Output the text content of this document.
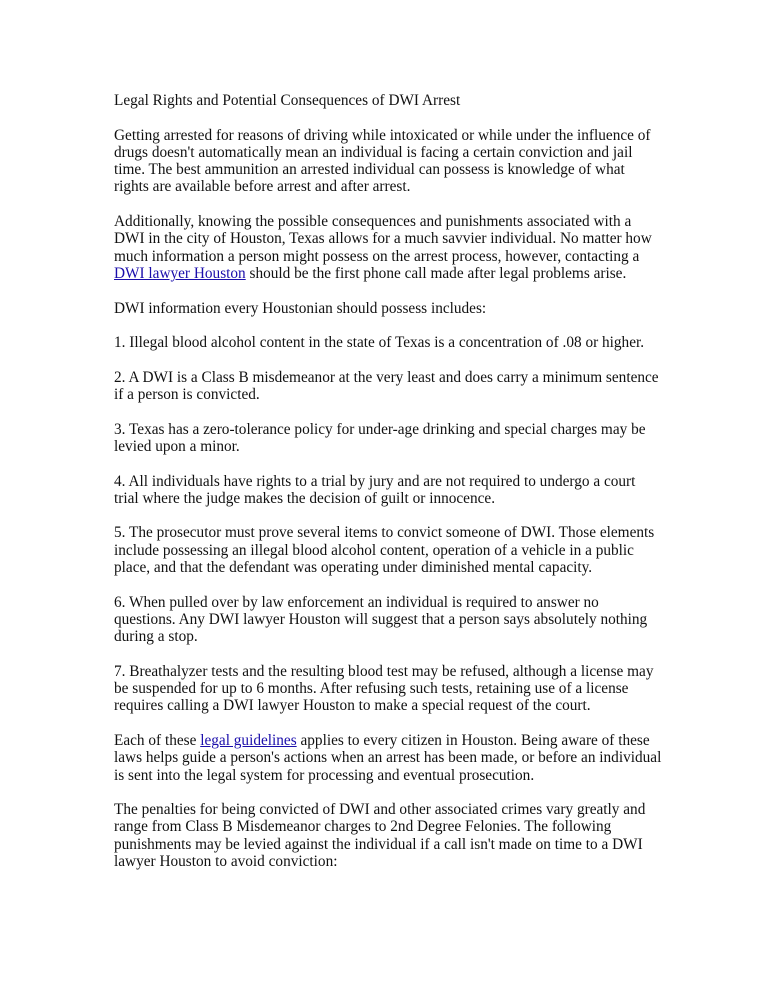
Legal Rights and Potential Consequences of DWI Arrest

Getting arrested for reasons of driving while intoxicated or while under the influence of drugs doesn't automatically mean an individual is facing a certain conviction and jail time. The best ammunition an arrested individual can possess is knowledge of what rights are available before arrest and after arrest.

Additionally, knowing the possible consequences and punishments associated with a DWI in the city of Houston, Texas allows for a much savvier individual. No matter how much information a person might possess on the arrest process, however, contacting a DWI lawyer Houston should be the first phone call made after legal problems arise.

DWI information every Houstonian should possess includes:

1. Illegal blood alcohol content in the state of Texas is a concentration of .08 or higher.

2. A DWI is a Class B misdemeanor at the very least and does carry a minimum sentence if a person is convicted.

3. Texas has a zero-tolerance policy for under-age drinking and special charges may be levied upon a minor.

4. All individuals have rights to a trial by jury and are not required to undergo a court trial where the judge makes the decision of guilt or innocence.

5. The prosecutor must prove several items to convict someone of DWI. Those elements include possessing an illegal blood alcohol content, operation of a vehicle in a public place, and that the defendant was operating under diminished mental capacity.

6. When pulled over by law enforcement an individual is required to answer no questions. Any DWI lawyer Houston will suggest that a person says absolutely nothing during a stop.

7. Breathalyzer tests and the resulting blood test may be refused, although a license may be suspended for up to 6 months. After refusing such tests, retaining use of a license requires calling a DWI lawyer Houston to make a special request of the court.

Each of these legal guidelines applies to every citizen in Houston. Being aware of these laws helps guide a person's actions when an arrest has been made, or before an individual is sent into the legal system for processing and eventual prosecution.

The penalties for being convicted of DWI and other associated crimes vary greatly and range from Class B Misdemeanor charges to 2nd Degree Felonies. The following punishments may be levied against the individual if a call isn't made on time to a DWI lawyer Houston to avoid conviction:
